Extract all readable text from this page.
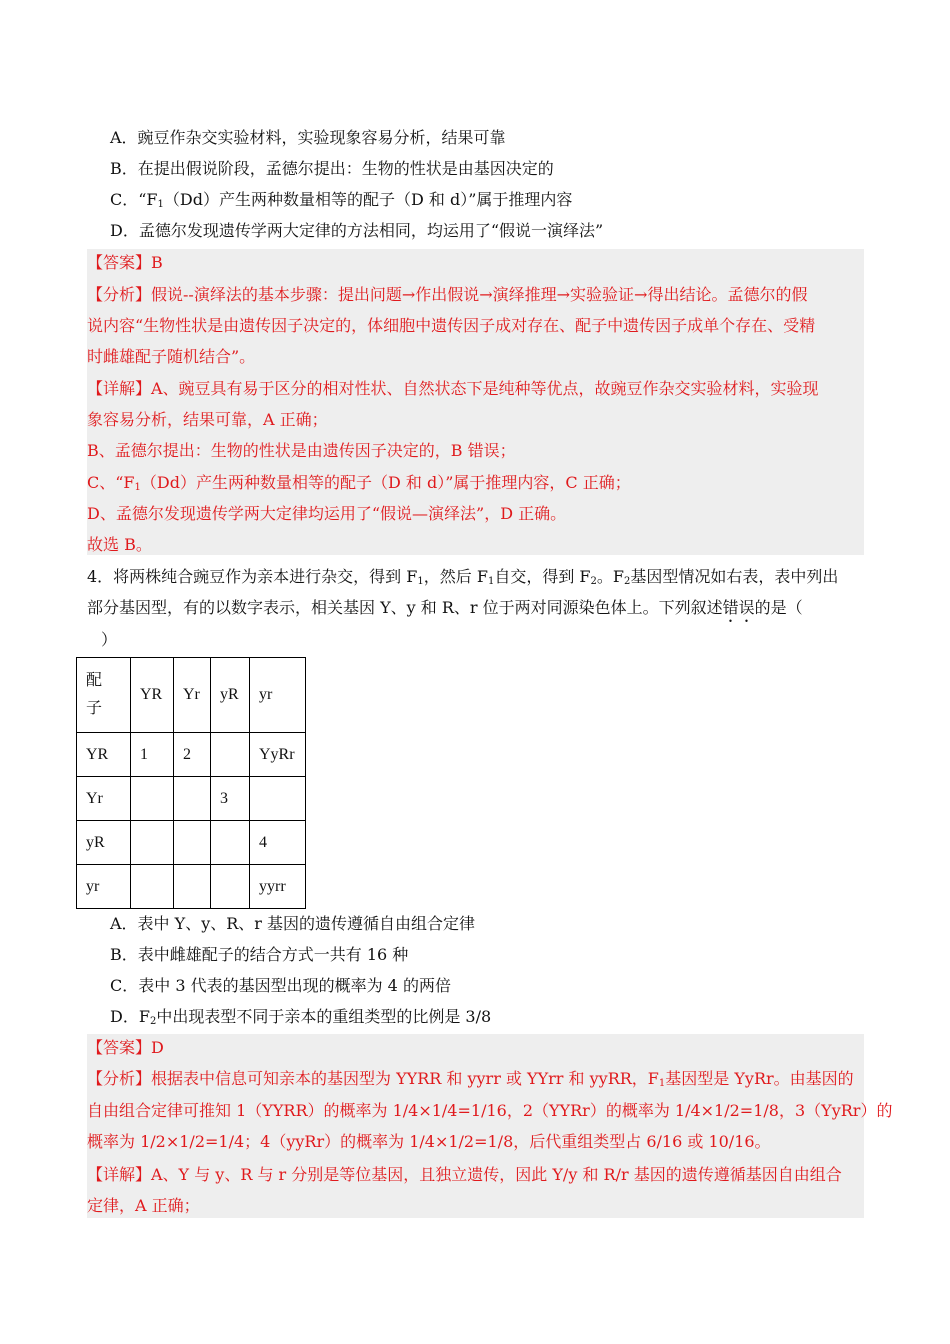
A．豌豆作杂交实验材料，实验现象容易分析，结果可靠
B．在提出假说阶段，孟德尔提出：生物的性状是由基因决定的
C．“$F_1(Dd)$产生两种数量相等的配子（D 和 d）”属于推理内容
D．孟德尔发现遗传学两大定律的方法相同，均运用了“假说一演绎法”
【答案】B
【分析】假说--演绎法的基本步骤：提出问题→作出假说→演绎推理→实验验证→得出结论。孟德尔的假
说内容“生物性状是由遗传因子决定的，体细胞中遗传因子成对存在、配子中遗传因子成单个存在、受精
时雌雄配子随机结合”。
【详解】A、豌豆具有易于区分的相对性状、自然状态下是纯种等优点，故豌豆作杂交实验材料，实验现
象容易分析，结果可靠，A 正确；
B、孟德尔提出：生物的性状是由遗传因子决定的，B 错误；
C、“$F_1(Dd)$产生两种数量相等的配子（D 和 d）”属于推理内容，C 正确；
D、孟德尔发现遗传学两大定律均运用了“假说—演绎法”，D 正确。
故选 B。
4．将两株纯合豌豆作为亲本进行杂交，得到 $F_1$，然后 $F_1$自交，得到 $F_2$。$F_2$基因型情况如右表，表中列出
部分基因型，有的以数字表示，相关基因 Y、y 和 R、r 位于两对同源染色体上。下列叙述错误的是（
）
配
子	YR	Yr	yR	yr
YR	1	2		YyRr
Yr			3	
yR				4
yr				yyrr
A．表中 Y、y、R、r 基因的遗传遵循自由组合定律
B．表中雌雄配子的结合方式一共有 16 种
C．表中 3 代表的基因型出现的概率为 4 的两倍
D．$F_2$中出现表型不同于亲本的重组类型的比例是 3/8
【答案】D
【分析】根据表中信息可知亲本的基因型为 YYRR 和 yyrr 或 YYrr 和 yyRR，$F_1$基因型是 YyRr。由基因的
自由组合定律可推知 1（YYRR）的概率为 1/4×1/4=1/16，2（YYRr）的概率为 1/4×1/2=1/8，3（YyRr）的
概率为 1/2×1/2=1/4；4（yyRr）的概率为 1/4×1/2=1/8，后代重组类型占 6/16 或 10/16。
【详解】A、Y 与 y、R 与 r 分别是等位基因，且独立遗传，因此 Y/y 和 R/r 基因的遗传遵循基因自由组合
定律，A 正确；
